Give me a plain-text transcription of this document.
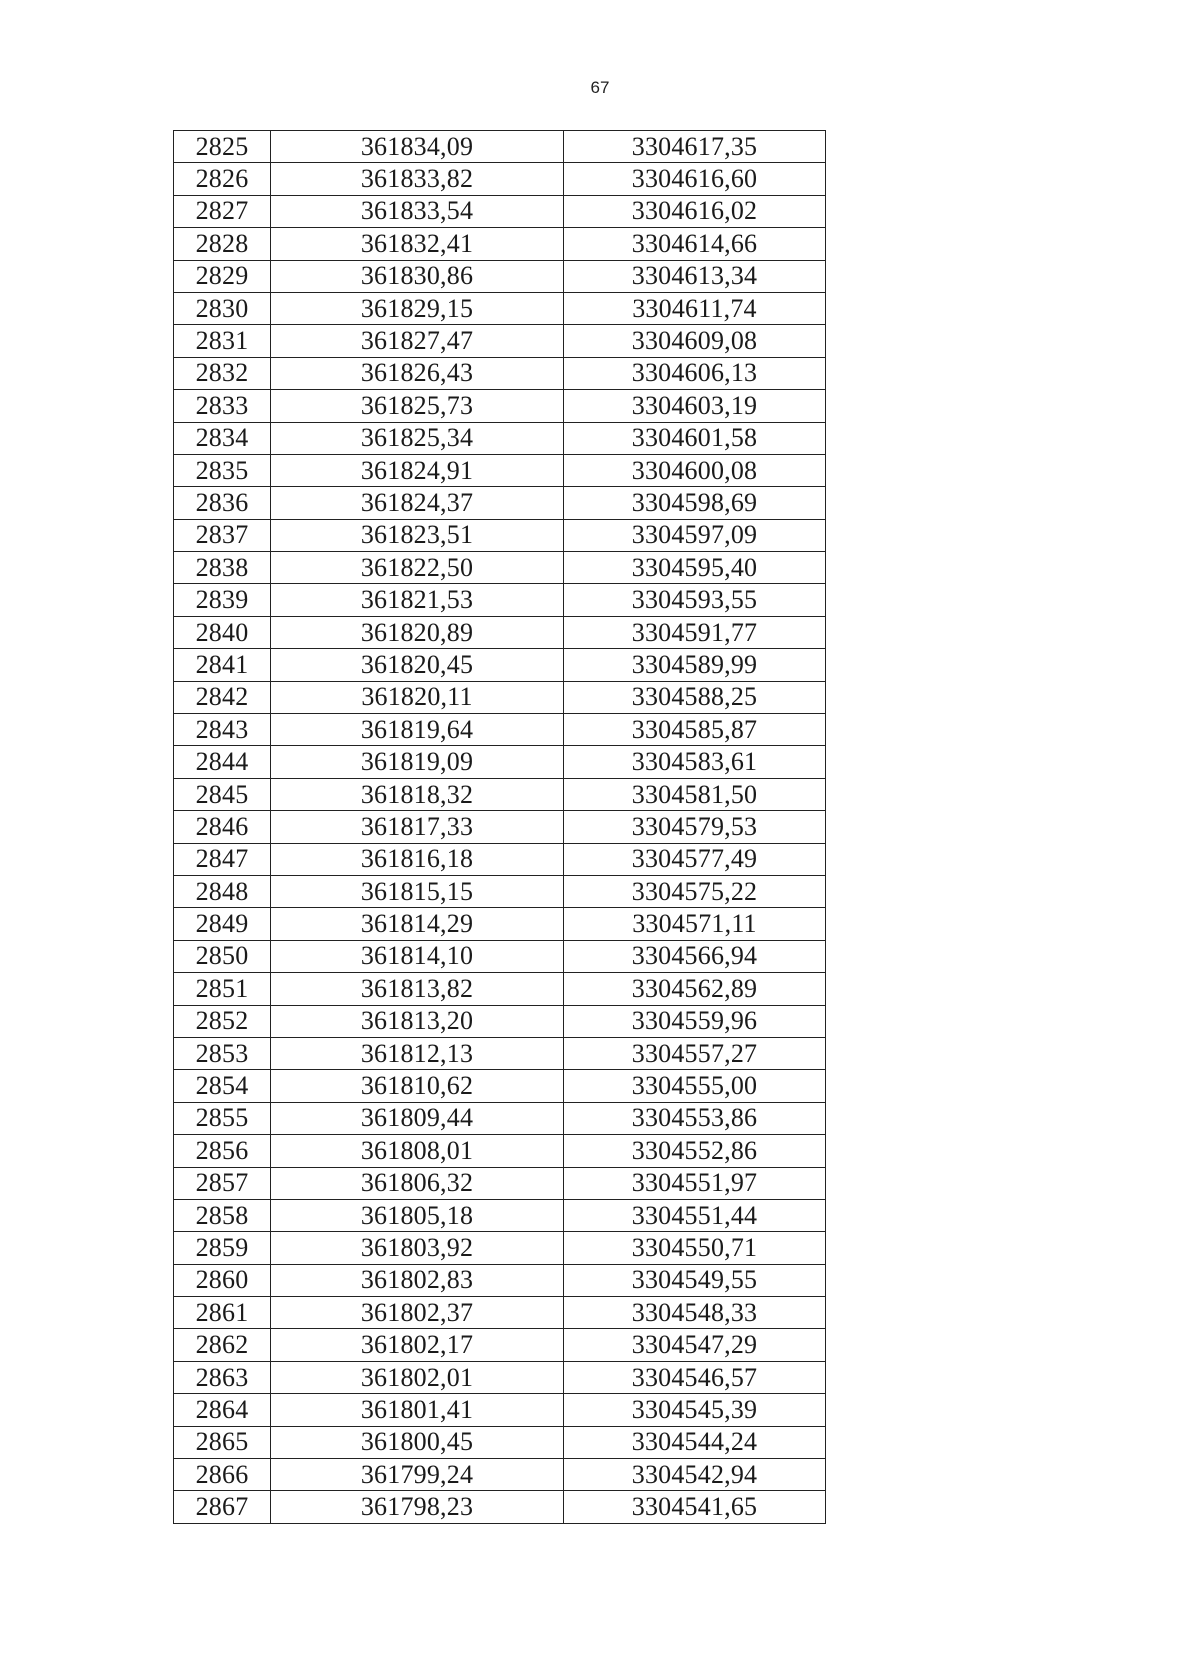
67
2825	361834,09	3304617,35
2826	361833,82	3304616,60
2827	361833,54	3304616,02
2828	361832,41	3304614,66
2829	361830,86	3304613,34
2830	361829,15	3304611,74
2831	361827,47	3304609,08
2832	361826,43	3304606,13
2833	361825,73	3304603,19
2834	361825,34	3304601,58
2835	361824,91	3304600,08
2836	361824,37	3304598,69
2837	361823,51	3304597,09
2838	361822,50	3304595,40
2839	361821,53	3304593,55
2840	361820,89	3304591,77
2841	361820,45	3304589,99
2842	361820,11	3304588,25
2843	361819,64	3304585,87
2844	361819,09	3304583,61
2845	361818,32	3304581,50
2846	361817,33	3304579,53
2847	361816,18	3304577,49
2848	361815,15	3304575,22
2849	361814,29	3304571,11
2850	361814,10	3304566,94
2851	361813,82	3304562,89
2852	361813,20	3304559,96
2853	361812,13	3304557,27
2854	361810,62	3304555,00
2855	361809,44	3304553,86
2856	361808,01	3304552,86
2857	361806,32	3304551,97
2858	361805,18	3304551,44
2859	361803,92	3304550,71
2860	361802,83	3304549,55
2861	361802,37	3304548,33
2862	361802,17	3304547,29
2863	361802,01	3304546,57
2864	361801,41	3304545,39
2865	361800,45	3304544,24
2866	361799,24	3304542,94
2867	361798,23	3304541,65
